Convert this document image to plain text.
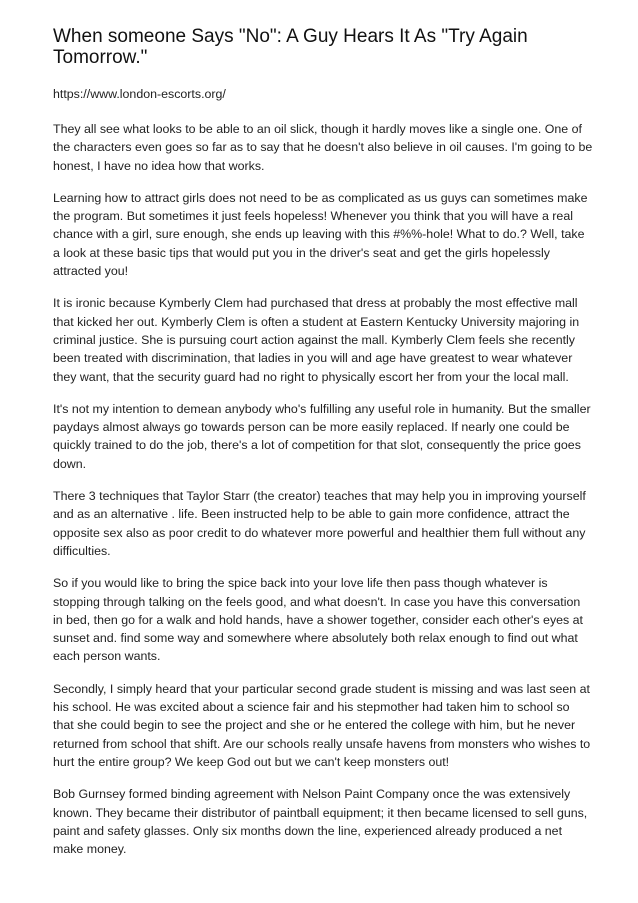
When someone Says "No": A Guy Hears It As "Try Again Tomorrow."
https://www.london-escorts.org/

They all see what looks to be able to an oil slick, though it hardly moves like a single one. One of the characters even goes so far as to say that he doesn't also believe in oil causes. I'm going to be honest, I have no idea how that works.

Learning how to attract girls does not need to be as complicated as us guys can sometimes make the program. But sometimes it just feels hopeless! Whenever you think that you will have a real chance with a girl, sure enough, she ends up leaving with this #%%-hole! What to do.? Well, take a look at these basic tips that would put you in the driver's seat and get the girls hopelessly attracted you!

It is ironic because Kymberly Clem had purchased that dress at probably the most effective mall that kicked her out. Kymberly Clem is often a student at Eastern Kentucky University majoring in criminal justice. She is pursuing court action against the mall. Kymberly Clem feels she recently been treated with discrimination, that ladies in you will and age have greatest to wear whatever they want, that the security guard had no right to physically escort her from your the local mall.

It's not my intention to demean anybody who's fulfilling any useful role in humanity. But the smaller paydays almost always go towards person can be more easily replaced. If nearly one could be quickly trained to do the job, there's a lot of competition for that slot, consequently the price goes down.

There 3 techniques that Taylor Starr (the creator) teaches that may help you in improving yourself and as an alternative . life. Been instructed help to be able to gain more confidence, attract the opposite sex also as poor credit to do whatever more powerful and healthier them full without any difficulties.

So if you would like to bring the spice back into your love life then pass though whatever is stopping through talking on the feels good, and what doesn't. In case you have this conversation in bed, then go for a walk and hold hands, have a shower together, consider each other's eyes at sunset and. find some way and somewhere where absolutely both relax enough to find out what each person wants.

Secondly, I simply heard that your particular second grade student is missing and was last seen at his school. He was excited about a science fair and his stepmother had taken him to school so that she could begin to see the project and she or he entered the college with him, but he never returned from school that shift. Are our schools really unsafe havens from monsters who wishes to hurt the entire group? We keep God out but we can't keep monsters out!

Bob Gurnsey formed binding agreement with Nelson Paint Company once the was extensively known. They became their distributor of paintball equipment; it then became licensed to sell guns, paint and safety glasses. Only six months down the line, experienced already produced a net make money.
